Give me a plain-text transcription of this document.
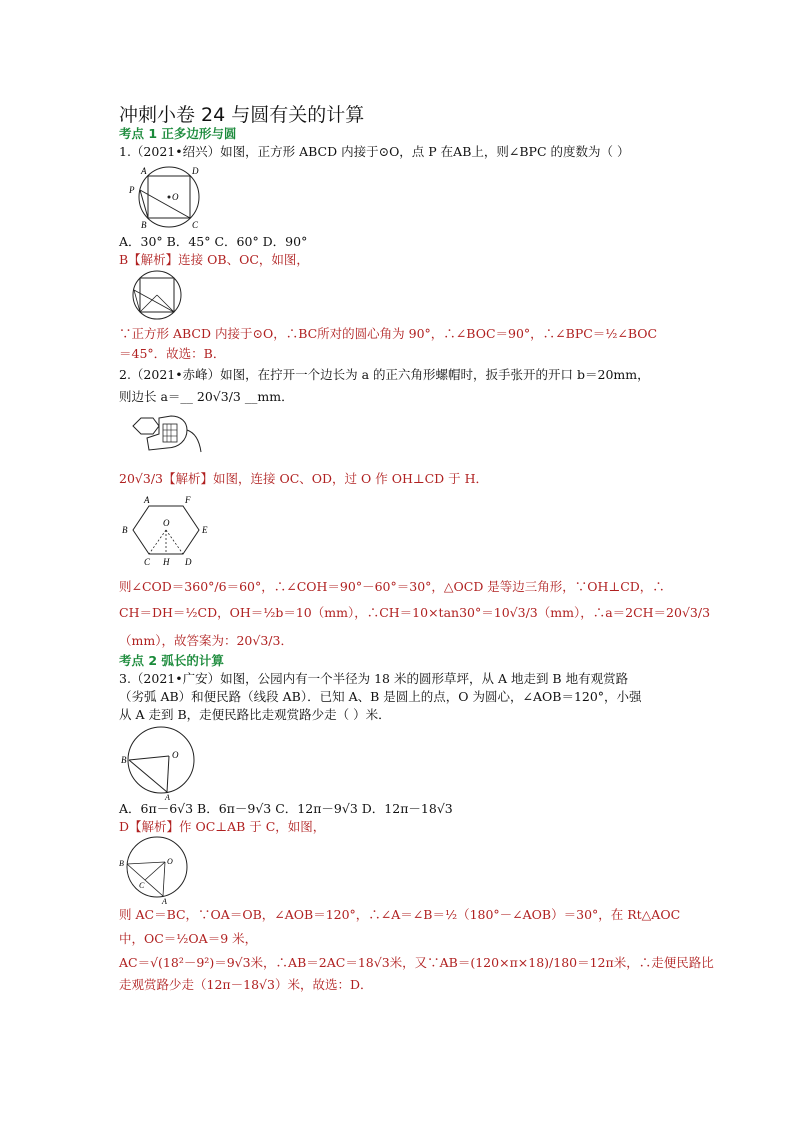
冲刺小卷 24 与圆有关的计算
考点 1 正多边形与圆
1.（2021•绍兴）如图，正方形 ABCD 内接于⊙O，点 P 在AB上，则∠BPC 的度数为（ ）
A	D
P
O
B	C
A．30° B．45° C．60° D．90°
B【解析】连接 OB、OC，如图，
∵正方形 ABCD 内接于⊙O，∴BC所对的圆心角为 90°，∴∠BOC＝90°，∴∠BPC＝½∠BOC
＝45°．故选：B．
2.（2021•赤峰）如图，在拧开一个边长为 a 的正六角形螺帽时，扳手张开的开口 b＝20mm，
则边长 a＝__ 20√3/3 __mm．
20√3/3【解析】如图，连接 OC、OD，过 O 作 OH⊥CD 于 H．
A	F
B
O
E
C H D
则∠COD＝360°/6＝60°，∴∠COH＝90°－60°＝30°，△OCD 是等边三角形，∵OH⊥CD，∴
CH＝DH＝½CD，OH＝½b＝10（mm），∴CH＝10×tan30°＝10√3/3（mm），∴a＝2CH＝20√3/3
（mm），故答案为：20√3/3．
考点 2 弧长的计算
3.（2021•广安）如图，公园内有一个半径为 18 米的圆形草坪，从 A 地走到 B 地有观赏路
（劣弧 AB）和便民路（线段 AB）．已知 A、B 是圆上的点，O 为圆心，∠AOB＝120°，小强
从 A 走到 B，走便民路比走观赏路少走（ ）米．
B	O
A
A．6π－6√3 B．6π－9√3 C．12π－9√3 D．12π－18√3
D【解析】作 OC⊥AB 于 C，如图，
B	O
C
A
则 AC＝BC，∵OA＝OB，∠AOB＝120°，∴∠A＝∠B＝½（180°－∠AOB）＝30°，在 Rt△AOC
中，OC＝½OA＝9 米，
AC＝√(18²－9²)＝9√3米，∴AB＝2AC＝18√3米，又∵AB＝(120×π×18)/180＝12π米，∴走便民路比
走观赏路少走（12π－18√3）米，故选：D．
